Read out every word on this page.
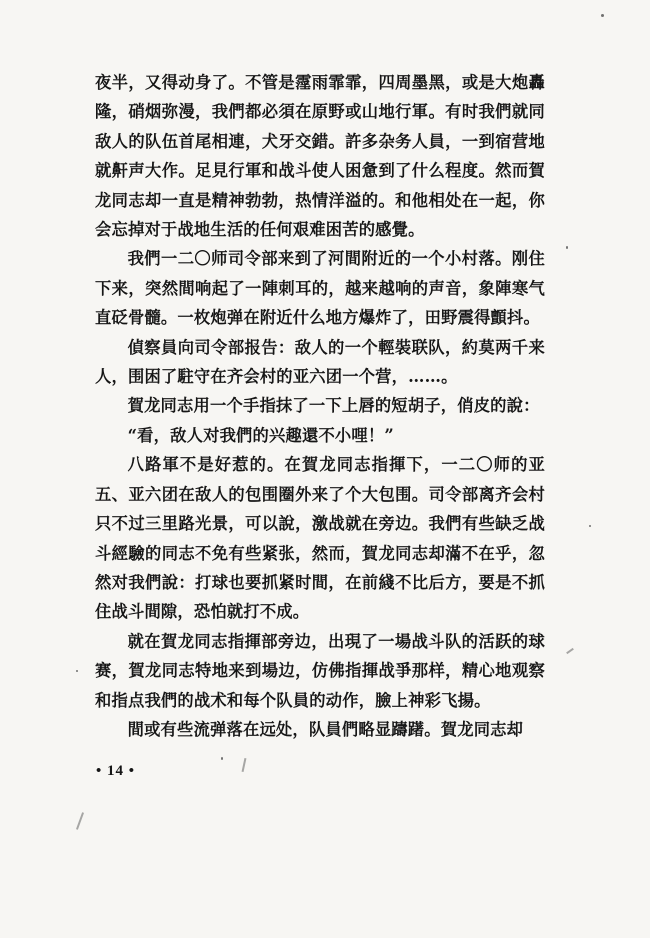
夜半，又得动身了。不管是霪雨霏霏，四周墨黑，或是大炮轟隆，硝烟弥漫，我們都必須在原野或山地行軍。有时我們就同敌人的队伍首尾相連，犬牙交錯。許多杂务人員，一到宿营地就鼾声大作。足見行軍和战斗使人困惫到了什么程度。然而賀龙同志却一直是精神勃勃，热情洋溢的。和他相处在一起，你会忘掉对于战地生活的任何艰难困苦的感覺。

我們一二〇师司令部来到了河間附近的一个小村落。刚住下来，突然間响起了一陣刺耳的，越来越响的声音，象陣寒气直砭骨髓。一枚炮弹在附近什么地方爆炸了，田野震得顫抖。

偵察員向司令部报告：敌人的一个輕裝联队，約莫两千来人，围困了駐守在齐会村的亚六团一个营，……。

賀龙同志用一个手指抹了一下上唇的短胡子，俏皮的說：

“看，敌人对我們的兴趣還不小哩！”

八路軍不是好惹的。在賀龙同志指揮下，一二〇师的亚五、亚六团在敌人的包围圈外来了个大包围。司令部离齐会村只不过三里路光景，可以說，激战就在旁边。我們有些缺乏战斗經驗的同志不免有些紧张，然而，賀龙同志却滿不在乎，忽然对我們說：打球也要抓紧时間，在前綫不比后方，要是不抓住战斗間隙，恐怕就打不成。

就在賀龙同志指揮部旁边，出現了一場战斗队的活跃的球赛，賀龙同志特地来到場边，仿佛指揮战爭那样，精心地观察和指点我們的战术和每个队員的动作，臉上神彩飞揚。

間或有些流弹落在远处，队員們略显躊躇。賀龙同志却

• 14 •
